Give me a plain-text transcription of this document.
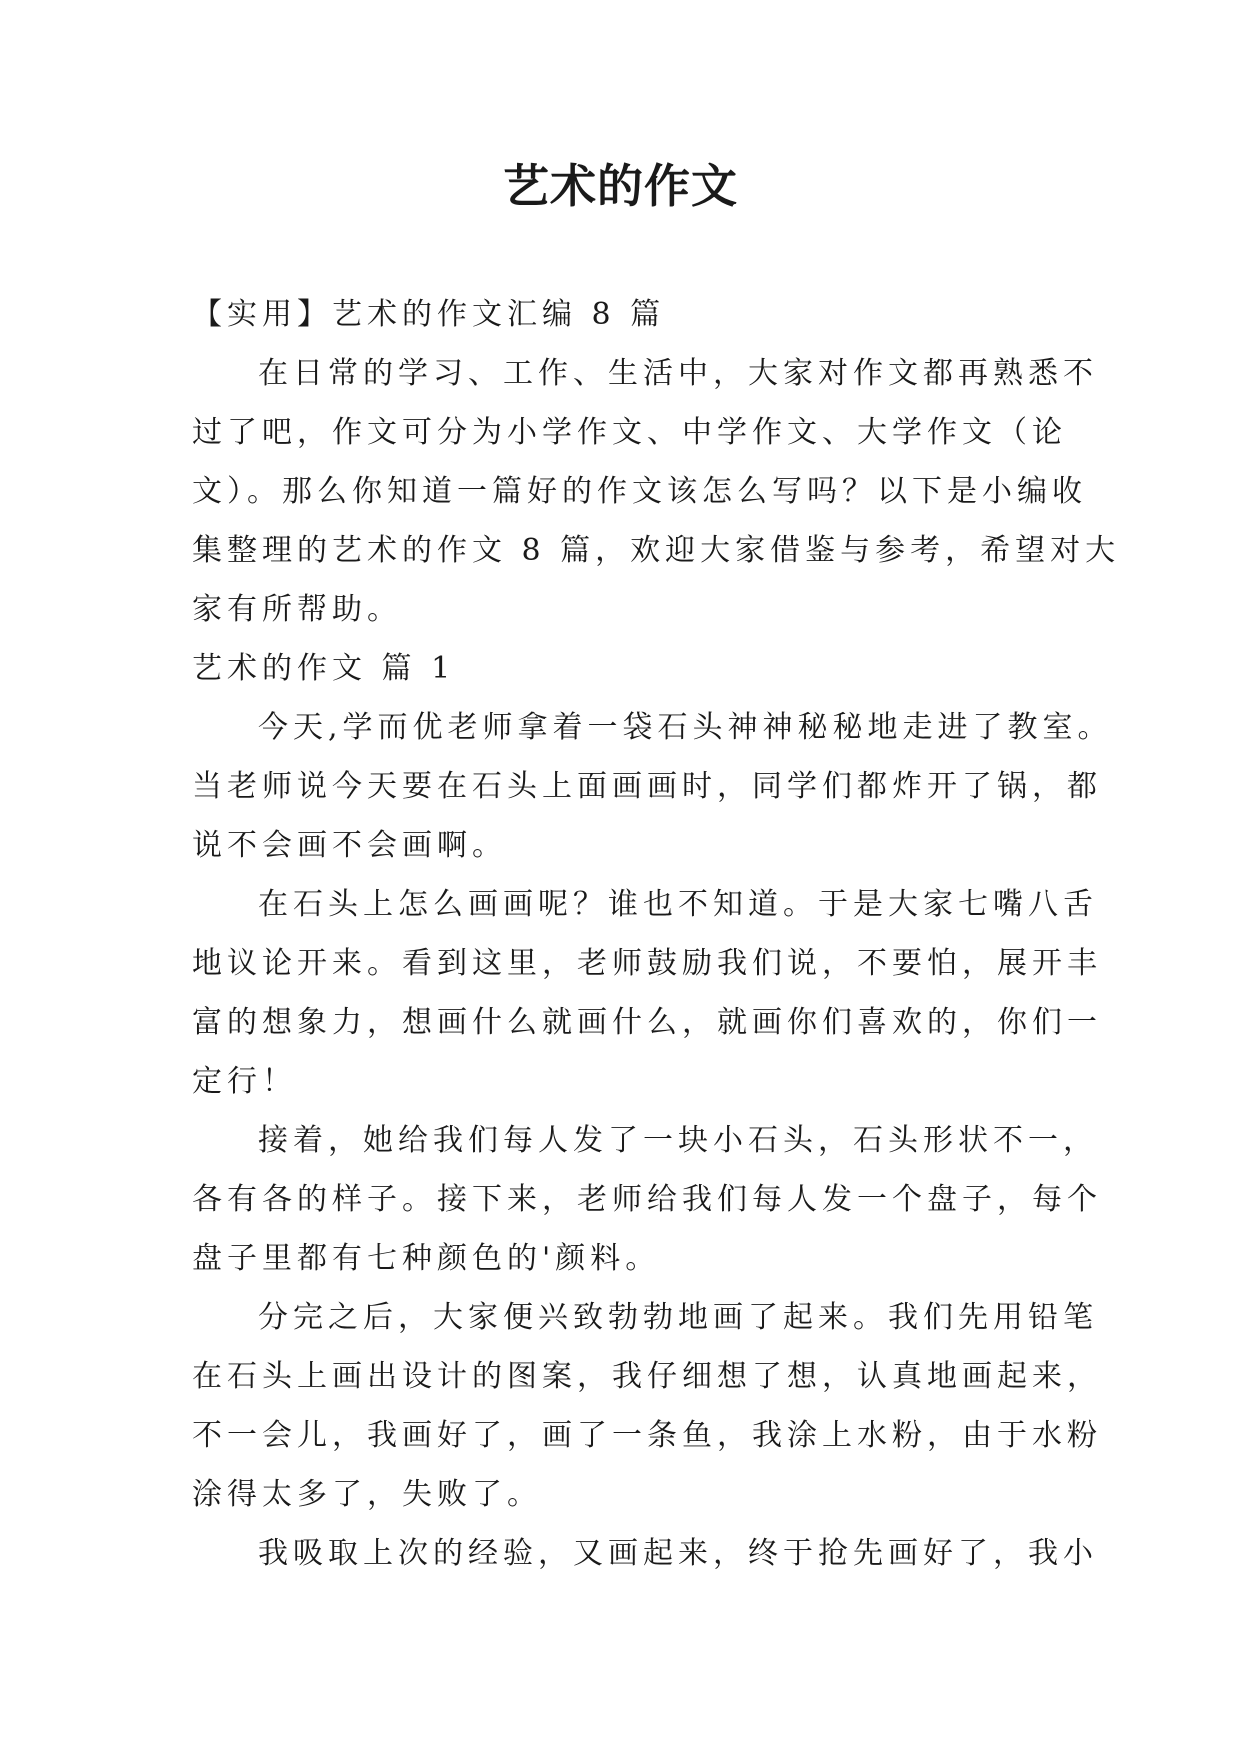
艺术的作文
【实用】艺术的作文汇编 8 篇
在日常的学习、工作、生活中，大家对作文都再熟悉不
过了吧，作文可分为小学作文、中学作文、大学作文（论
文）。那么你知道一篇好的作文该怎么写吗？以下是小编收
集整理的艺术的作文 8 篇，欢迎大家借鉴与参考，希望对大
家有所帮助。
艺术的作文 篇 1
今天,学而优老师拿着一袋石头神神秘秘地走进了教室。
当老师说今天要在石头上面画画时，同学们都炸开了锅，都
说不会画不会画啊。
在石头上怎么画画呢？谁也不知道。于是大家七嘴八舌
地议论开来。看到这里，老师鼓励我们说，不要怕，展开丰
富的想象力，想画什么就画什么，就画你们喜欢的，你们一
定行！
接着，她给我们每人发了一块小石头，石头形状不一，
各有各的样子。接下来，老师给我们每人发一个盘子，每个
盘子里都有七种颜色的'颜料。
分完之后，大家便兴致勃勃地画了起来。我们先用铅笔
在石头上画出设计的图案，我仔细想了想，认真地画起来，
不一会儿，我画好了，画了一条鱼，我涂上水粉，由于水粉
涂得太多了，失败了。
我吸取上次的经验，又画起来，终于抢先画好了，我小
